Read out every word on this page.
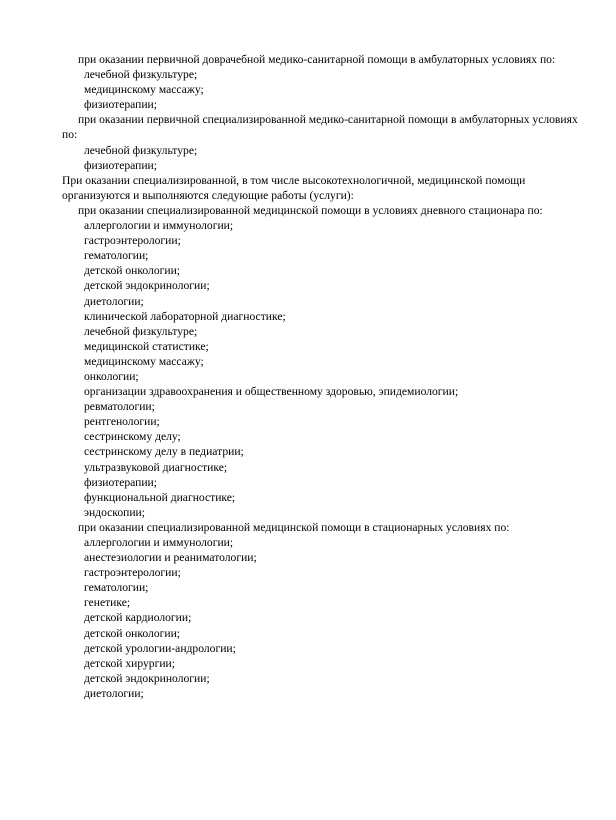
при оказании первичной доврачебной медико-санитарной помощи в амбулаторных условиях по:
лечебной физкультуре;
медицинскому массажу;
физиотерапии;
при оказании первичной специализированной медико-санитарной помощи в амбулаторных условиях по:
лечебной физкультуре;
физиотерапии;
При оказании специализированной, в том числе высокотехнологичной, медицинской помощи организуются и выполняются следующие работы (услуги):
при оказании специализированной медицинской помощи в условиях дневного стационара по:
аллергологии и иммунологии;
гастроэнтерологии;
гематологии;
детской онкологии;
детской эндокринологии;
диетологии;
клинической лабораторной диагностике;
лечебной физкультуре;
медицинской статистике;
медицинскому массажу;
онкологии;
организации здравоохранения и общественному здоровью, эпидемиологии;
ревматологии;
рентгенологии;
сестринскому делу;
сестринскому делу в педиатрии;
ультразвуковой диагностике;
физиотерапии;
функциональной диагностике;
эндоскопии;
при оказании специализированной медицинской помощи в стационарных условиях по:
аллергологии и иммунологии;
анестезиологии и реаниматологии;
гастроэнтерологии;
гематологии;
генетике;
детской кардиологии;
детской онкологии;
детской урологии-андрологии;
детской хирургии;
детской эндокринологии;
диетологии;
